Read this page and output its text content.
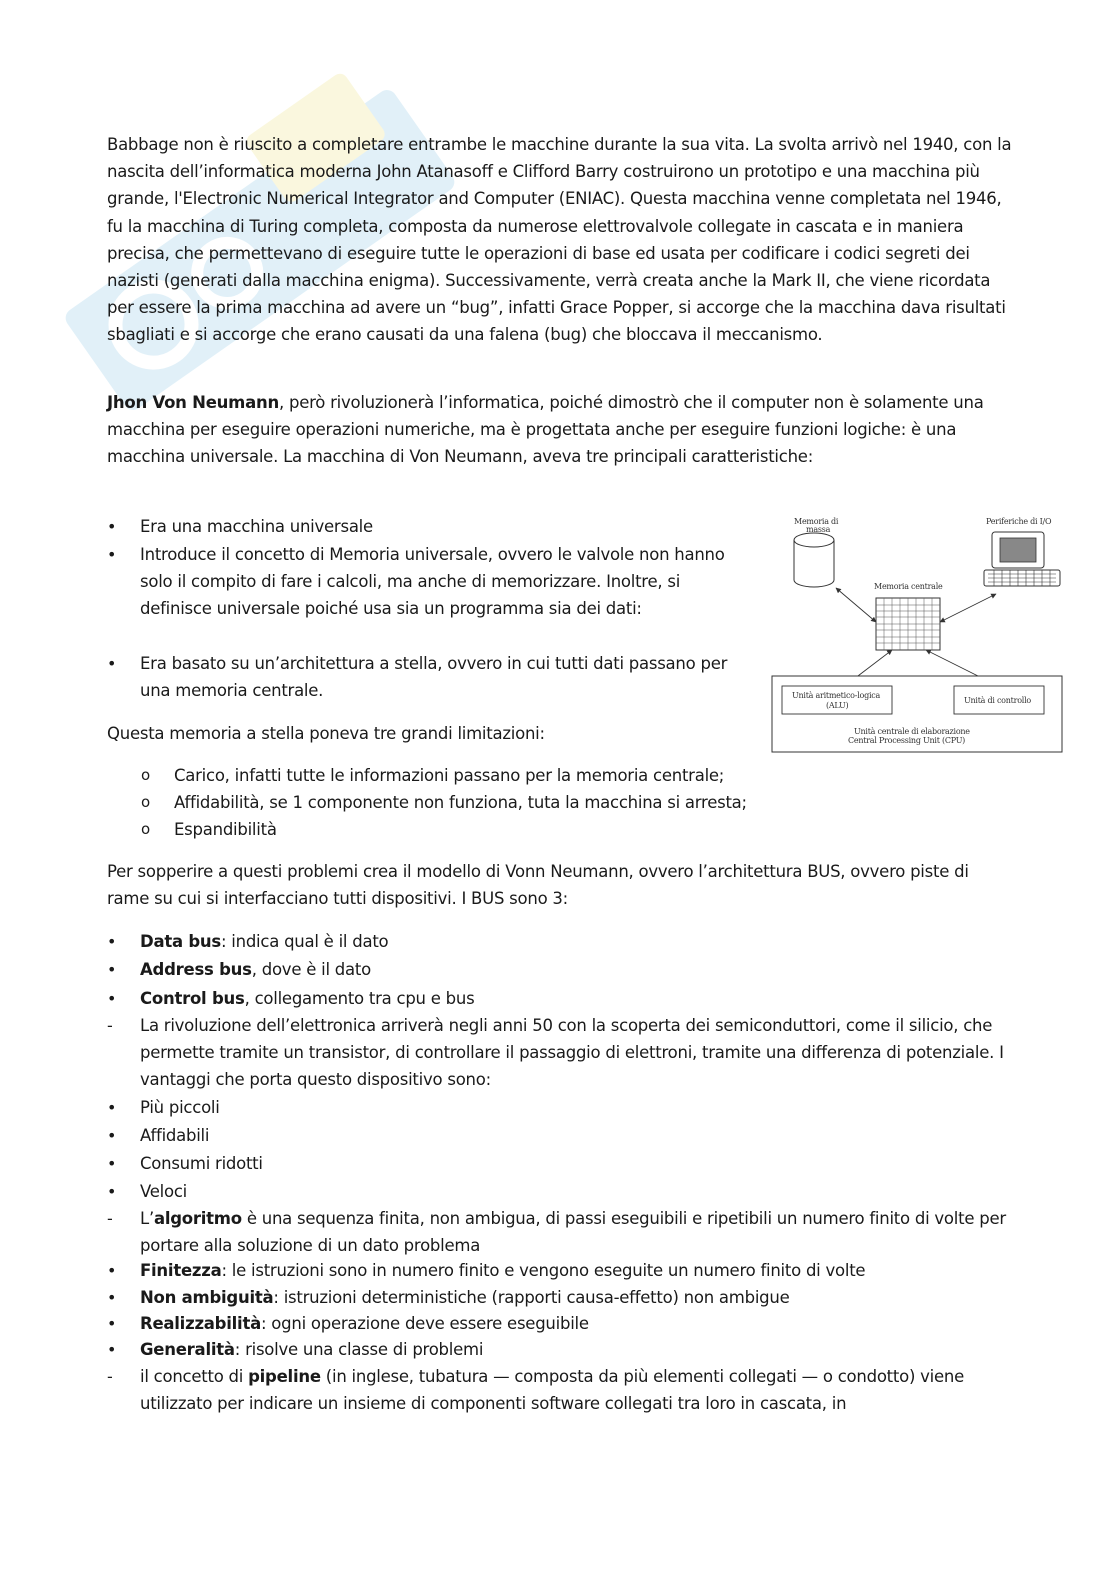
Babbage non è riuscito a completare entrambe le macchine durante la sua vita. La svolta arrivò nel 1940, con la nascita dell’informatica moderna John Atanasoff e Clifford Barry costruirono un prototipo e una macchina più grande, l'Electronic Numerical Integrator and Computer (ENIAC). Questa macchina venne completata nel 1946, fu la macchina di Turing completa, composta da numerose elettrovalvole collegate in cascata e in maniera precisa, che permettevano di eseguire tutte le operazioni di base ed usata per codificare i codici segreti dei nazisti (generati dalla macchina enigma). Successivamente, verrà creata anche la Mark II, che viene ricordata per essere la prima macchina ad avere un “bug”, infatti Grace Popper, si accorge che la macchina dava risultati sbagliati e si accorge che erano causati da una falena (bug) che bloccava il meccanismo.

Jhon Von Neumann, però rivoluzionerà l’informatica, poiché dimostrò che il computer non è solamente una macchina per eseguire operazioni numeriche, ma è progettata anche per eseguire funzioni logiche: è una macchina universale. La macchina di Von Neumann, aveva tre principali caratteristiche:

•	Era una macchina universale
•	Introduce il concetto di Memoria universale, ovvero le valvole non hanno solo il compito di fare i calcoli, ma anche di memorizzare. Inoltre, si definisce universale poiché usa sia un programma sia dei dati:
•	Era basato su un’architettura a stella, ovvero in cui tutti dati passano per una memoria centrale.

Questa memoria a stella poneva tre grandi limitazioni:

o	Carico, infatti tutte le informazioni passano per la memoria centrale;
o	Affidabilità, se 1 componente non funziona, tuta la macchina si arresta;
o	Espandibilità

Per sopperire a questi problemi crea il modello di Vonn Neumann, ovvero l’architettura BUS, ovvero piste di rame su cui si interfacciano tutti dispositivi. I BUS sono 3:

•	Data bus: indica qual è il dato
•	Address bus, dove è il dato
•	Control bus, collegamento tra cpu e bus
-	La rivoluzione dell’elettronica arriverà negli anni 50 con la scoperta dei semiconduttori, come il silicio, che permette tramite un transistor, di controllare il passaggio di elettroni, tramite una differenza di potenziale. I vantaggi che porta questo dispositivo sono:
•	Più piccoli
•	Affidabili
•	Consumi ridotti
•	Veloci
-	L’algoritmo è una sequenza finita, non ambigua, di passi eseguibili e ripetibili un numero finito di volte per portare alla soluzione di un dato problema
•	Finitezza: le istruzioni sono in numero finito e vengono eseguite un numero finito di volte
•	Non ambiguità: istruzioni deterministiche (rapporti causa-effetto) non ambigue
•	Realizzabilità: ogni operazione deve essere eseguibile
•	Generalità: risolve una classe di problemi
-	il concetto di pipeline (in inglese, tubatura — composta da più elementi collegati — o condotto) viene utilizzato per indicare un insieme di componenti software collegati tra loro in cascata, in
Memoria di
massa
Periferiche di I/O
Memoria centrale
Unità aritmetico-logica
(ALU)
Unità di controllo
Unità centrale di elaborazione
Central Processing Unit (CPU)
